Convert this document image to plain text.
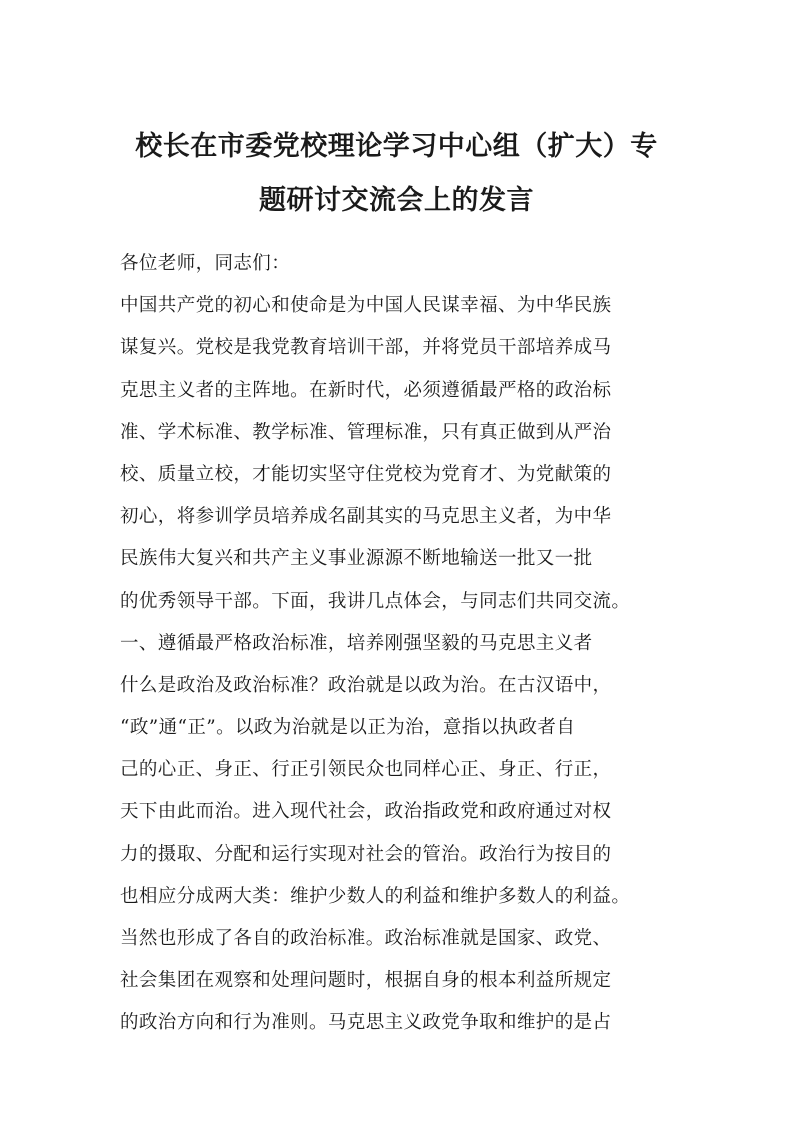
校长在市委党校理论学习中心组（扩大）专
题研讨交流会上的发言
各位老师，同志们：
中国共产党的初心和使命是为中国人民谋幸福、为中华民族
谋复兴。党校是我党教育培训干部，并将党员干部培养成马
克思主义者的主阵地。在新时代，必须遵循最严格的政治标
准、学术标准、教学标准、管理标准，只有真正做到从严治
校、质量立校，才能切实坚守住党校为党育才、为党献策的
初心，将参训学员培养成名副其实的马克思主义者，为中华
民族伟大复兴和共产主义事业源源不断地输送一批又一批
的优秀领导干部。下面，我讲几点体会，与同志们共同交流。
一、遵循最严格政治标准，培养刚强坚毅的马克思主义者
什么是政治及政治标准？政治就是以政为治。在古汉语中，
“政”通“正”。以政为治就是以正为治，意指以执政者自
己的心正、身正、行正引领民众也同样心正、身正、行正，
天下由此而治。进入现代社会，政治指政党和政府通过对权
力的摄取、分配和运行实现对社会的管治。政治行为按目的
也相应分成两大类：维护少数人的利益和维护多数人的利益。
当然也形成了各自的政治标准。政治标准就是国家、政党、
社会集团在观察和处理问题时，根据自身的根本利益所规定
的政治方向和行为准则。马克思主义政党争取和维护的是占
